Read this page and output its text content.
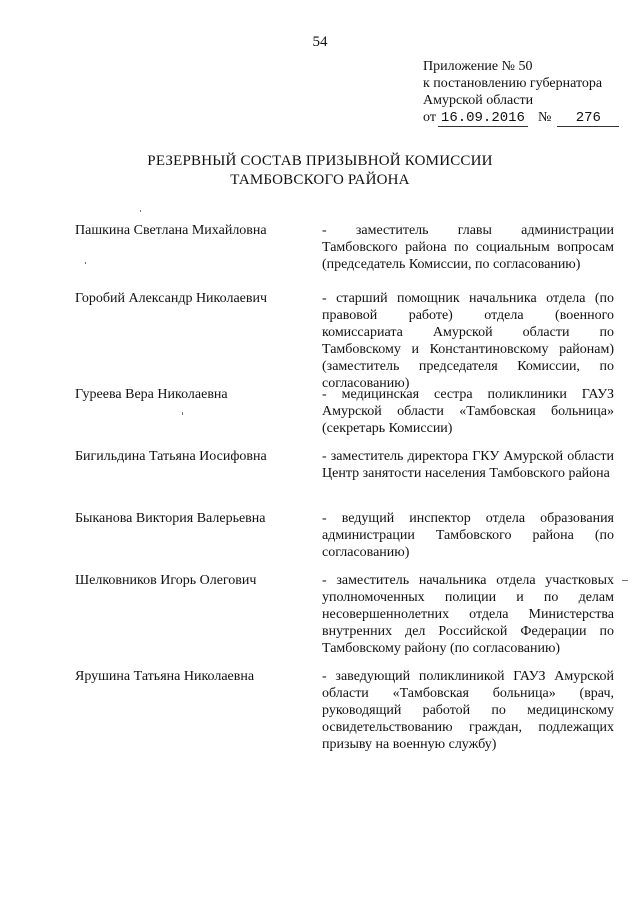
54
Приложение № 50
к постановлению губернатора
Амурской области
от 16.09.2016 № 276
РЕЗЕРВНЫЙ СОСТАВ ПРИЗЫВНОЙ КОМИССИИ
ТАМБОВСКОГО РАЙОНА
Пашкина Светлана Михайловна	- заместитель главы администрации Тамбовского района по социальным вопросам (председатель Комиссии, по согласованию)
Горобий Александр Николаевич	- старший помощник начальника отдела (по правовой работе) отдела (военного комиссариата Амурской области по Тамбовскому и Константиновскому районам) (заместитель председателя Комиссии, по согласованию)
Гуреева Вера Николаевна	- медицинская сестра поликлиники ГАУЗ Амурской области «Тамбовская больница» (секретарь Комиссии)
Бигильдина Татьяна Иосифовна	- заместитель директора ГКУ Амурской области Центр занятости населения Тамбовского района
Быканова Виктория Валерьевна	- ведущий инспектор отдела образования администрации Тамбовского района (по согласованию)
Шелковников Игорь Олегович	- заместитель начальника отдела участковых уполномоченных полиции и по делам несовершеннолетних отдела Министерства внутренних дел Российской Федерации по Тамбовскому району (по согласованию)
Ярушина Татьяна Николаевна	- заведующий поликлиникой ГАУЗ Амурской области «Тамбовская больница» (врач, руководящий работой по медицинскому освидетельствованию граждан, подлежащих призыву на военную службу)
